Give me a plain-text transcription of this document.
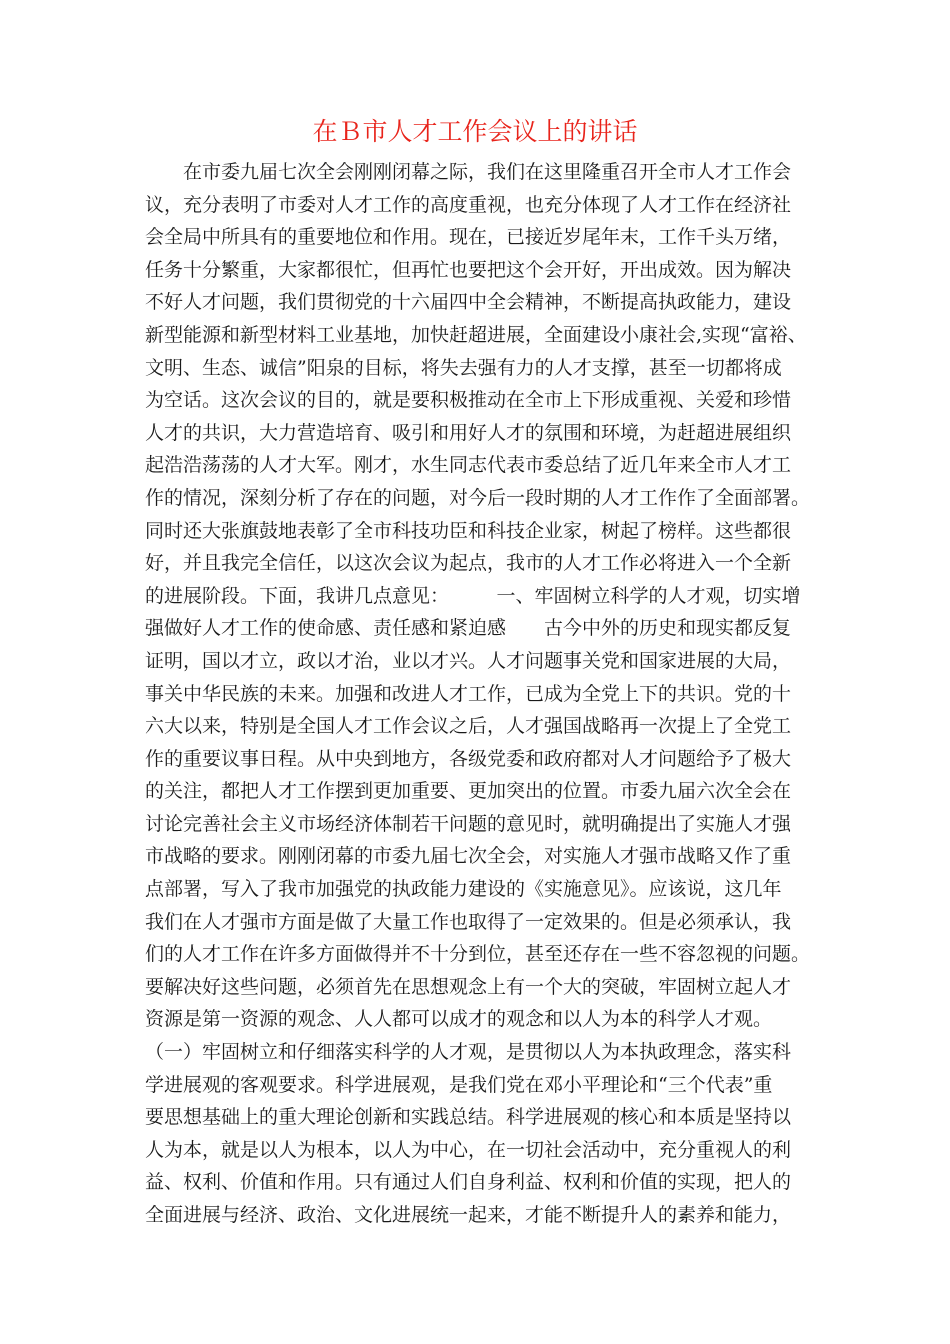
在Ｂ市人才工作会议上的讲话
在市委九届七次全会刚刚闭幕之际，我们在这里隆重召开全市人才工作会
议，充分表明了市委对人才工作的高度重视，也充分体现了人才工作在经济社
会全局中所具有的重要地位和作用。现在，已接近岁尾年末，工作千头万绪，
任务十分繁重，大家都很忙，但再忙也要把这个会开好，开出成效。因为解决
不好人才问题，我们贯彻党的十六届四中全会精神，不断提高执政能力，建设
新型能源和新型材料工业基地，加快赶超进展，全面建设小康社会,实现“富裕、
文明、生态、诚信”阳泉的目标，将失去强有力的人才支撑，甚至一切都将成
为空话。这次会议的目的，就是要积极推动在全市上下形成重视、关爱和珍惜
人才的共识，大力营造培育、吸引和用好人才的氛围和环境，为赶超进展组织
起浩浩荡荡的人才大军。刚才，水生同志代表市委总结了近几年来全市人才工
作的情况，深刻分析了存在的问题，对今后一段时期的人才工作作了全面部署。
同时还大张旗鼓地表彰了全市科技功臣和科技企业家，树起了榜样。这些都很
好，并且我完全信任，以这次会议为起点，我市的人才工作必将进入一个全新
的进展阶段。下面，我讲几点意见：　　　一、牢固树立科学的人才观，切实增
强做好人才工作的使命感、责任感和紧迫感　　古今中外的历史和现实都反复
证明，国以才立，政以才治，业以才兴。人才问题事关党和国家进展的大局，
事关中华民族的未来。加强和改进人才工作，已成为全党上下的共识。党的十
六大以来，特别是全国人才工作会议之后，人才强国战略再一次提上了全党工
作的重要议事日程。从中央到地方，各级党委和政府都对人才问题给予了极大
的关注，都把人才工作摆到更加重要、更加突出的位置。市委九届六次全会在
讨论完善社会主义市场经济体制若干问题的意见时，就明确提出了实施人才强
市战略的要求。刚刚闭幕的市委九届七次全会，对实施人才强市战略又作了重
点部署，写入了我市加强党的执政能力建设的《实施意见》。应该说，这几年
我们在人才强市方面是做了大量工作也取得了一定效果的。但是必须承认，我
们的人才工作在许多方面做得并不十分到位，甚至还存在一些不容忽视的问题。
要解决好这些问题，必须首先在思想观念上有一个大的突破，牢固树立起人才
资源是第一资源的观念、人人都可以成才的观念和以人为本的科学人才观。
（一）牢固树立和仔细落实科学的人才观，是贯彻以人为本执政理念，落实科
学进展观的客观要求。科学进展观，是我们党在邓小平理论和“三个代表”重
要思想基础上的重大理论创新和实践总结。科学进展观的核心和本质是坚持以
人为本，就是以人为根本，以人为中心，在一切社会活动中，充分重视人的利
益、权利、价值和作用。只有通过人们自身利益、权利和价值的实现，把人的
全面进展与经济、政治、文化进展统一起来，才能不断提升人的素养和能力，
